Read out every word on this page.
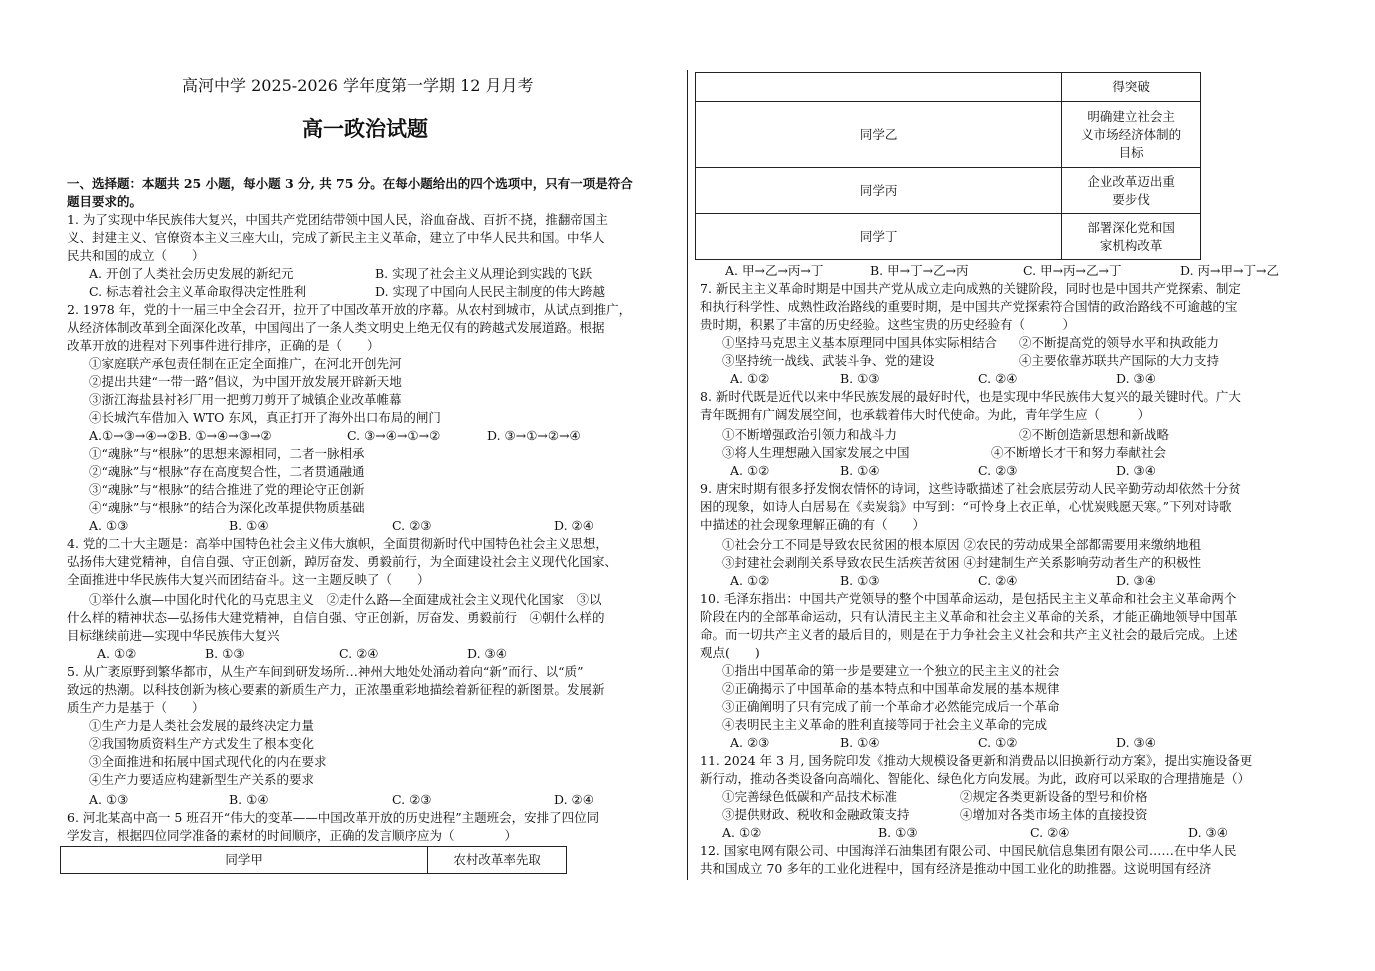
高河中学 2025-2026 学年度第一学期 12 月月考
高一政治试题
一、选择题：本题共 25 小题，每小题 3 分, 共 75 分。在每小题给出的四个选项中，只有一项是符合
题目要求的。
1. 为了实现中华民族伟大复兴，中国共产党团结带领中国人民，浴血奋战、百折不挠，推翻帝国主
义、封建主义、官僚资本主义三座大山，完成了新民主主义革命，建立了中华人民共和国。中华人
民共和国的成立（　　）
A. 开创了人类社会历史发展的新纪元	B. 实现了社会主义从理论到实践的飞跃
C. 标志着社会主义革命取得决定性胜利	D. 实现了中国向人民民主制度的伟大跨越
2. 1978 年，党的十一届三中全会召开，拉开了中国改革开放的序幕。从农村到城市，从试点到推广，
从经济体制改革到全面深化改革，中国闯出了一条人类文明史上绝无仅有的跨越式发展道路。根据
改革开放的进程对下列事件进行排序，正确的是（　　）
①家庭联产承包责任制在正定全面推广，在河北开创先河
②提出共建“一带一路”倡议，为中国开放发展开辟新天地
③浙江海盐县衬衫厂用一把剪刀剪开了城镇企业改革帷幕
④长城汽车借加入 WTO 东风，真正打开了海外出口布局的闸门
A.①→③→④→②B. ①→④→③→②	C. ③→④→①→②	D. ③→①→②→④
①“魂脉”与“根脉”的思想来源相同，二者一脉相承
②“魂脉”与“根脉”存在高度契合性，二者贯通融通
③“魂脉”与“根脉”的结合推进了党的理论守正创新
④“魂脉”与“根脉”的结合为深化改革提供物质基础
A. ①③	B. ①④	C. ②③	D. ②④
4. 党的二十大主题是：高举中国特色社会主义伟大旗帜，全面贯彻新时代中国特色社会主义思想，
弘扬伟大建党精神，自信自强、守正创新，踔厉奋发、勇毅前行，为全面建设社会主义现代化国家、
全面推进中华民族伟大复兴而团结奋斗。这一主题反映了（　　）
①举什么旗—中国化时代化的马克思主义　②走什么路—全面建成社会主义现代化国家　③以
什么样的精神状态—弘扬伟大建党精神，自信自强、守正创新，厉奋发、勇毅前行　④朝什么样的
目标继续前进—实现中华民族伟大复兴
A. ①②	B. ①③	C. ②④	D. ③④
5. 从广袤原野到繁华都市，从生产车间到研发场所…神州大地处处涌动着向“新”而行、以“质”
致远的热潮。以科技创新为核心要素的新质生产力，正浓墨重彩地描绘着新征程的新图景。发展新
质生产力是基于（　　）
①生产力是人类社会发展的最终决定力量
②我国物质资料生产方式发生了根本变化
③全面推进和拓展中国式现代化的内在要求
④生产力要适应构建新型生产关系的要求
A. ①③	B. ①④	C. ②③	D. ②④
6. 河北某高中高一 5 班召开“伟大的变革——中国改革开放的历史进程”主题班会，安排了四位同
学发言，根据四位同学准备的素材的时间顺序，正确的发言顺序应为（　　　　）
同学甲	农村改革率先取
	得突破
同学乙	明确建立社会主
义市场经济体制的
目标

同学丙	企业改革迈出重
要步伐

同学丁	部署深化党和国
家机构改革
A. 甲→乙→丙→丁	B. 甲→丁→乙→丙	C. 甲→丙→乙→丁	D. 丙→甲→丁→乙
7. 新民主主义革命时期是中国共产党从成立走向成熟的关键阶段，同时也是中国共产党探索、制定
和执行科学性、成熟性政治路线的重要时期，是中国共产党探索符合国情的政治路线不可逾越的宝
贵时期，积累了丰富的历史经验。这些宝贵的历史经验有（　　　）
①坚持马克思主义基本原理同中国具体实际相结合 ②不断提高党的领导水平和执政能力
③坚持统一战线、武装斗争、党的建设	④主要依靠苏联共产国际的大力支持
A. ①②	B. ①③	C. ②④	D. ③④
8. 新时代既是近代以来中华民族发展的最好时代，也是实现中华民族伟大复兴的最关键时代。广大
青年既拥有广阔发展空间，也承载着伟大时代使命。为此，青年学生应（　　　）
①不断增强政治引领力和战斗力	②不断创造新思想和新战略
③将人生理想融入国家发展之中国	④不断增长才干和努力奉献社会
A. ①②	B. ①④	C. ②③	D. ③④
9. 唐宋时期有很多抒发悯农情怀的诗词，这些诗歌描述了社会底层劳动人民辛勤劳动却依然十分贫
困的现象，如诗人白居易在《卖炭翁》中写到：“可怜身上衣正单，心忧炭贱愿天寒。”下列对诗歌
中描述的社会现象理解正确的有（　　）
①社会分工不同是导致农民贫困的根本原因 ②农民的劳动成果全部都需要用来缴纳地租
③封建社会剥削关系导致农民生活疾苦贫困 ④封建制生产关系影响劳动者生产的积极性
A. ①②	B. ①③	C. ②④	D. ③④
10. 毛泽东指出：中国共产党领导的整个中国革命运动，是包括民主主义革命和社会主义革命两个
阶段在内的全部革命运动，只有认清民主主义革命和社会主义革命的关系，才能正确地领导中国革
命。而一切共产主义者的最后目的，则是在于力争社会主义社会和共产主义社会的最后完成。上述
观点(　　)
①指出中国革命的第一步是要建立一个独立的民主主义的社会
②正确揭示了中国革命的基本特点和中国革命发展的基本规律
③正确阐明了只有完成了前一个革命才必然能完成后一个革命
④表明民主主义革命的胜利直接等同于社会主义革命的完成
A. ②③	B. ①④	C. ①②	D. ③④
11. 2024 年 3 月, 国务院印发《推动大规模设备更新和消费品以旧换新行动方案》，提出实施设备更
新行动，推动各类设备向高端化、智能化、绿色化方向发展。为此，政府可以采取的合理措施是（）
①完善绿色低碳和产品技术标准	②规定各类更新设备的型号和价格
③提供财政、税收和金融政策支持	④增加对各类市场主体的直接投资
A. ①②	B. ①③	C. ②④	D. ③④
12. 国家电网有限公司、中国海洋石油集团有限公司、中国民航信息集团有限公司……在中华人民
共和国成立 70 多年的工业化进程中，国有经济是推动中国工业化的助推器。这说明国有经济
